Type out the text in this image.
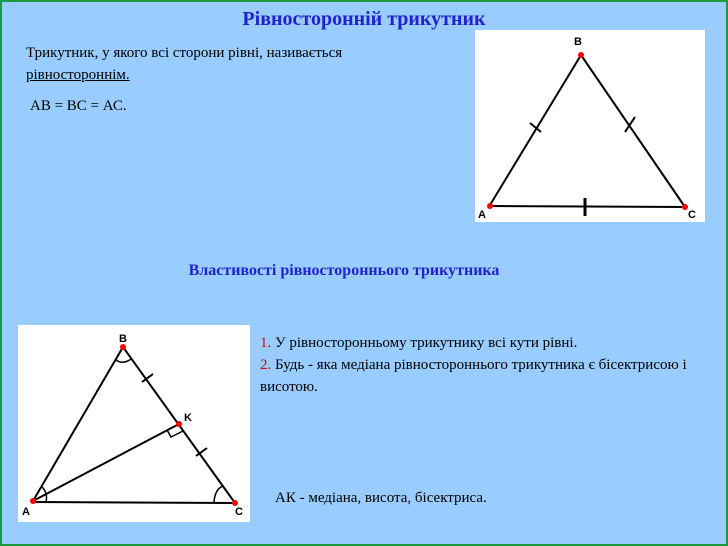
Рівносторонній трикутник
Трикутник, у якого всі сторони рівні, називається
рівностороннім.
АВ = ВС = АС.
A
B
C
Властивості рівностороннього трикутника
A
B
C
K
1. У рівносторонньому трикутнику всі кути рівні.
2. Будь - яка медіана рівностороннього трикутника є бісектрисою і висотою.
АК - медіана, висота, бісектриса.
